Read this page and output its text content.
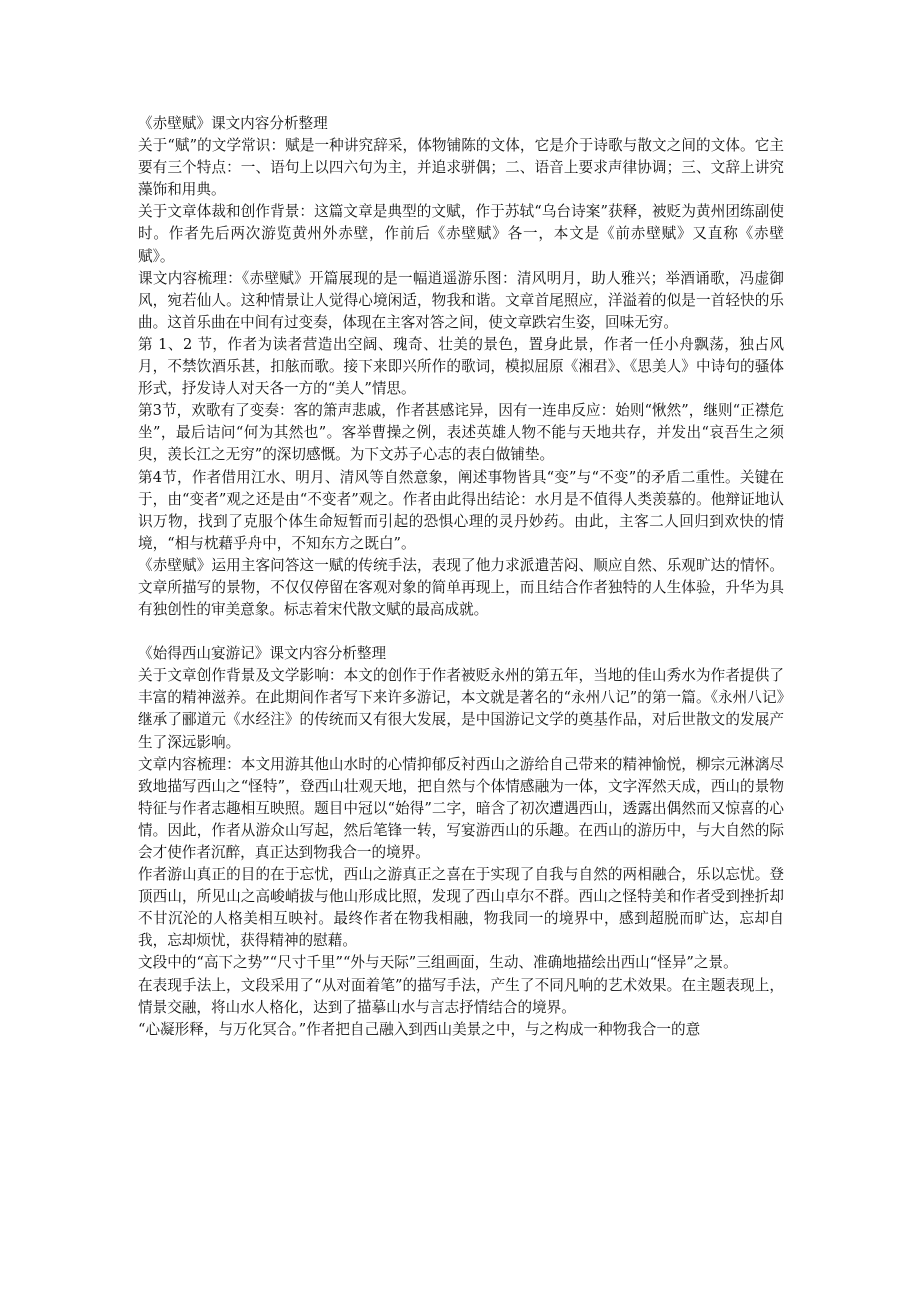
《赤壁赋》课文内容分析整理

关于“赋”的文学常识：赋是一种讲究辞采，体物铺陈的文体，它是介于诗歌与散文之间的文体。它主要有三个特点：一、语句上以四六句为主，并追求骈偶；二、语音上要求声律协调；三、文辞上讲究藻饰和用典。

关于文章体裁和创作背景：这篇文章是典型的文赋，作于苏轼“乌台诗案”获释，被贬为黄州团练副使时。作者先后两次游览黄州外赤壁，作前后《赤壁赋》各一，本文是《前赤壁赋》又直称《赤壁赋》。

课文内容梳理：《赤壁赋》开篇展现的是一幅逍遥游乐图：清风明月，助人雅兴；举酒诵歌，冯虚御风，宛若仙人。这种情景让人觉得心境闲适，物我和谐。文章首尾照应，洋溢着的似是一首轻快的乐曲。这首乐曲在中间有过变奏，体现在主客对答之间，使文章跌宕生姿，回味无穷。

第 1、2 节，作者为读者营造出空阔、瑰奇、壮美的景色，置身此景，作者一任小舟飘荡，独占风月，不禁饮酒乐甚，扣舷而歌。接下来即兴所作的歌词，模拟屈原《湘君》、《思美人》中诗句的骚体形式，抒发诗人对天各一方的“美人”情思。

第3节，欢歌有了变奏：客的箫声悲戚，作者甚感诧异，因有一连串反应：始则“愀然”，继则“正襟危坐”，最后诘问“何为其然也”。客举曹操之例，表述英雄人物不能与天地共存，并发出“哀吾生之须臾，羡长江之无穷”的深切感慨。为下文苏子心志的表白做铺垫。

第4节，作者借用江水、明月、清风等自然意象，阐述事物皆具“变”与“不变”的矛盾二重性。关键在于，由“变者”观之还是由“不变者”观之。作者由此得出结论：水月是不值得人类羡慕的。他辩证地认识万物，找到了克服个体生命短暂而引起的恐惧心理的灵丹妙药。由此，主客二人回归到欢快的情境，“相与枕藉乎舟中，不知东方之既白”。

《赤壁赋》运用主客问答这一赋的传统手法，表现了他力求派遣苦闷、顺应自然、乐观旷达的情怀。文章所描写的景物，不仅仅停留在客观对象的简单再现上，而且结合作者独特的人生体验，升华为具有独创性的审美意象。标志着宋代散文赋的最高成就。

《始得西山宴游记》课文内容分析整理

关于文章创作背景及文学影响：本文的创作于作者被贬永州的第五年，当地的佳山秀水为作者提供了丰富的精神滋养。在此期间作者写下来许多游记，本文就是著名的“永州八记”的第一篇。《永州八记》继承了郦道元《水经注》的传统而又有很大发展，是中国游记文学的奠基作品，对后世散文的发展产生了深远影响。

文章内容梳理：本文用游其他山水时的心情抑郁反衬西山之游给自己带来的精神愉悦，柳宗元淋漓尽致地描写西山之“怪特”，登西山壮观天地，把自然与个体情感融为一体，文字浑然天成，西山的景物特征与作者志趣相互映照。题目中冠以“始得”二字，暗含了初次遭遇西山，透露出偶然而又惊喜的心情。因此，作者从游众山写起，然后笔锋一转，写宴游西山的乐趣。在西山的游历中，与大自然的际会才使作者沉醉，真正达到物我合一的境界。

作者游山真正的目的在于忘忧，西山之游真正之喜在于实现了自我与自然的两相融合，乐以忘忧。登顶西山，所见山之高峻峭拔与他山形成比照，发现了西山卓尔不群。西山之怪特美和作者受到挫折却不甘沉沦的人格美相互映衬。最终作者在物我相融，物我同一的境界中，感到超脱而旷达，忘却自我，忘却烦忧，获得精神的慰藉。

文段中的“高下之势”“尺寸千里”“外与天际”三组画面，生动、准确地描绘出西山“怪异”之景。

在表现手法上，文段采用了“从对面着笔”的描写手法，产生了不同凡响的艺术效果。在主题表现上，情景交融，将山水人格化，达到了描摹山水与言志抒情结合的境界。

“心凝形释，与万化冥合。”作者把自己融入到西山美景之中，与之构成一种物我合一的意
